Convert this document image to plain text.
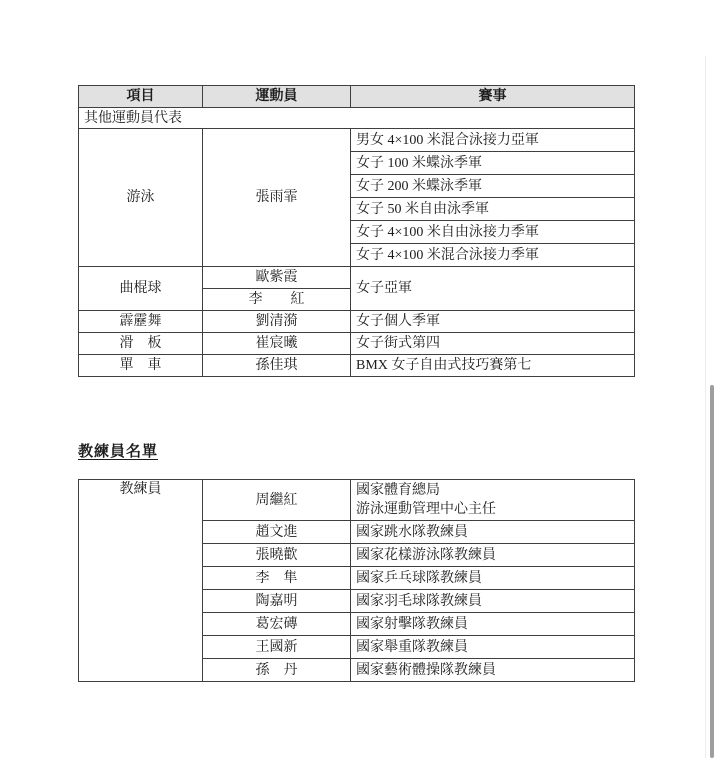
項目	運動員	賽事
其他運動員代表		
游泳	張雨霏	男女 4×100 米混合泳接力亞軍
		女子 100 米蝶泳季軍
		女子 200 米蝶泳季軍
		女子 50 米自由泳季軍
		女子 4×100 米自由泳接力季軍
		女子 4×100 米混合泳接力季軍
曲棍球	歐紫霞	女子亞軍
	李　　紅	
霹靂舞	劉清漪	女子個人季軍
滑　板	崔宸曦	女子街式第四
單　車	孫佳琪	BMX 女子自由式技巧賽第七
教練員名單
教練員	周繼紅	國家體育總局
游泳運動管理中心主任

	趙文進	國家跳水隊教練員
	張曉歡	國家花樣游泳隊教練員
	李　隼	國家乒乓球隊教練員
	陶嘉明	國家羽毛球隊教練員
	葛宏磚	國家射擊隊教練員
	王國新	國家舉重隊教練員
	孫　丹	國家藝術體操隊教練員
